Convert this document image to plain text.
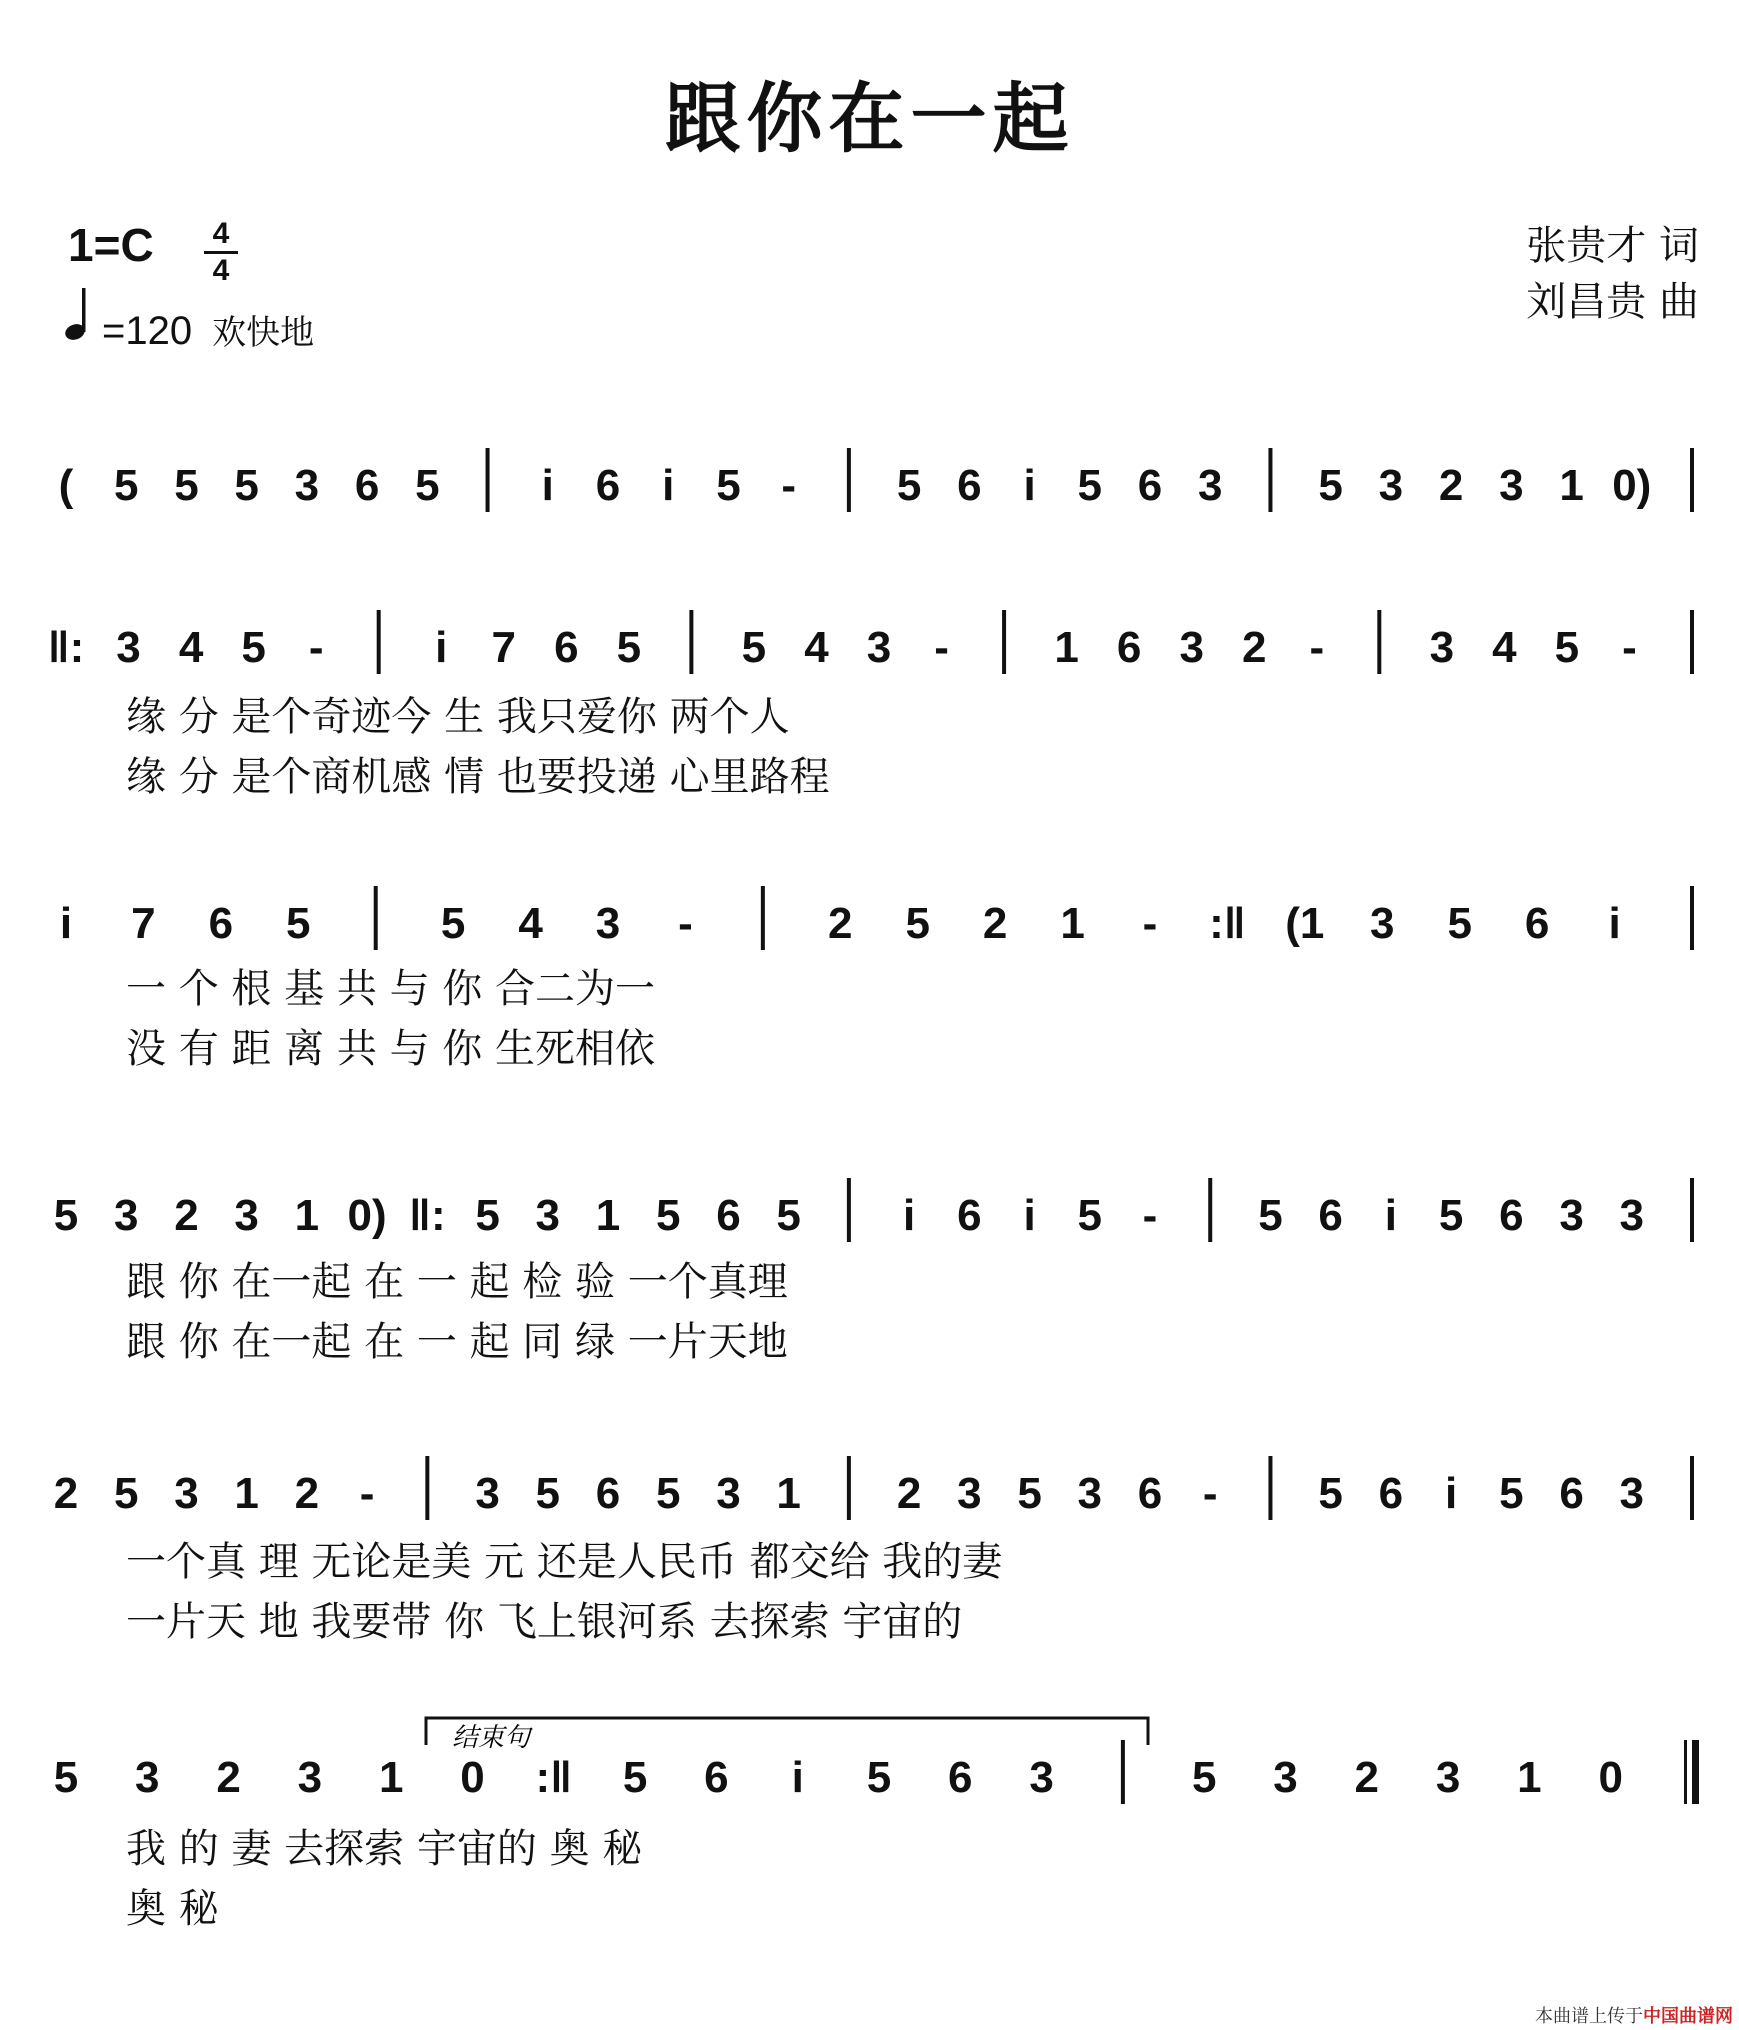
跟你在一起
1=C 4
4
=120 欢快地
张贵才 词
刘昌贵 曲
结束句
( 5 5 5 3 6 5 i 6 i 5 - 5 6 i 5 6 3 5 3 2 3 1 0)
‖: 3 4 5 -	i 7 6 5 5 4 3 - 1 6 3 2 - 3 4 5 -
缘 分 是个奇迹今 生 我只爱你 两个人
缘 分 是个商机感 情 也要投递 心里路程
i 7 6 5	5 4 3 -	2 5 2 1 - :‖ (1 3 5 6 i
一 个 根 基 共 与 你 合二为一
没 有 距 离 共 与 你 生死相依
5 3 2 3 1 0) ‖: 5 3 1 5 6 5 i 6 i 5 - 5 6 i 5 6 3 3
跟 你 在一起 在 一 起 检 验 一个真理
跟 你 在一起 在 一 起 同 绿 一片天地
2 5 3 1 2 - 3 5 6 5 3 1 2 3 5 3 6 - 5 6 i 5 6 3
一个真 理 无论是美 元 还是人民币 都交给 我的妻
一片天 地 我要带 你 飞上银河系 去探索 宇宙的
5 3 2 3 1 0 :‖ 5 6 i 5 6 3	5 3 2 3 1 0
我 的 妻 去探索 宇宙的 奥 秘
奥 秘
本曲谱上传于中国曲谱网
